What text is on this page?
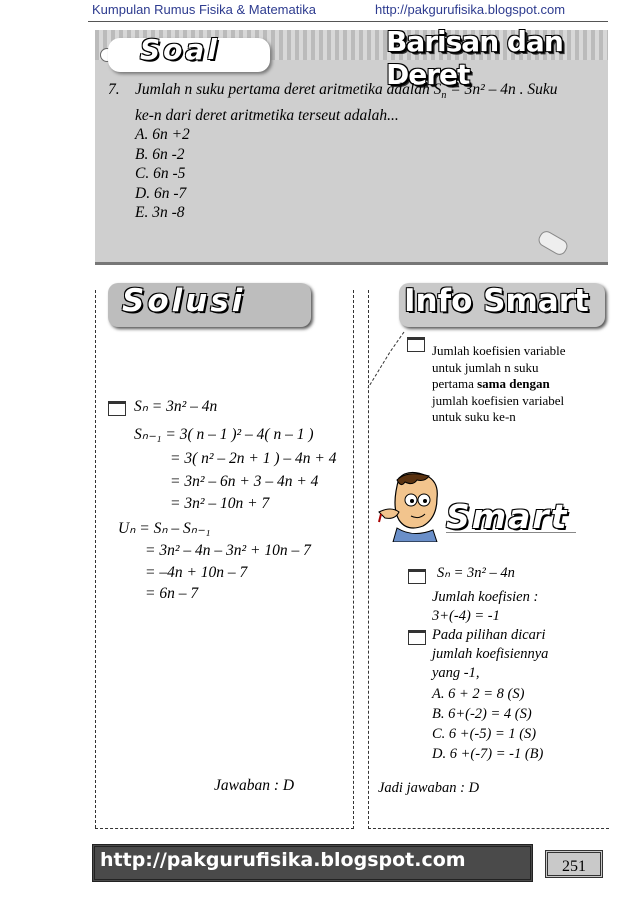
Kumpulan Rumus Fisika & Matematika	http://pakgurufisika.blogspot.com
Soal	Barisan dan Deret
7. Jumlah n suku pertama deret aritmetika adalah $S_n = 3n^2 - 4n$ . Suku
ke-n dari deret aritmetika terseut adalah...
A. 6n +2
B. 6n -2
C. 6n -5
D. 6n -7
E. 3n -8
Solusi
Sₙ = 3n² – 4n
Sₙ₋₁ = 3( n – 1 )² – 4( n – 1 )
= 3( n² – 2n + 1 ) – 4n + 4
= 3n² – 6n + 3 – 4n + 4
= 3n² – 10n + 7
Uₙ = Sₙ – Sₙ₋₁
= 3n² – 4n – 3n² + 10n – 7
= –4n + 10n – 7
= 6n – 7
Jawaban : D
Info Smart
Jumlah koefisien variable untuk jumlah n suku pertama sama dengan jumlah koefisien variabel untuk suku ke-n
Smart
Sₙ = 3n² – 4n
Jumlah koefisien :
3+(-4) = -1
Pada pilihan dicari
jumlah koefisiennya
yang -1,
A. 6 + 2 = 8 (S)
B. 6+(-2) = 4 (S)
C. 6 +(-5) = 1 (S)
D. 6 +(-7) = -1 (B)
Jadi jawaban : D
http://pakgurufisika.blogspot.com	251
